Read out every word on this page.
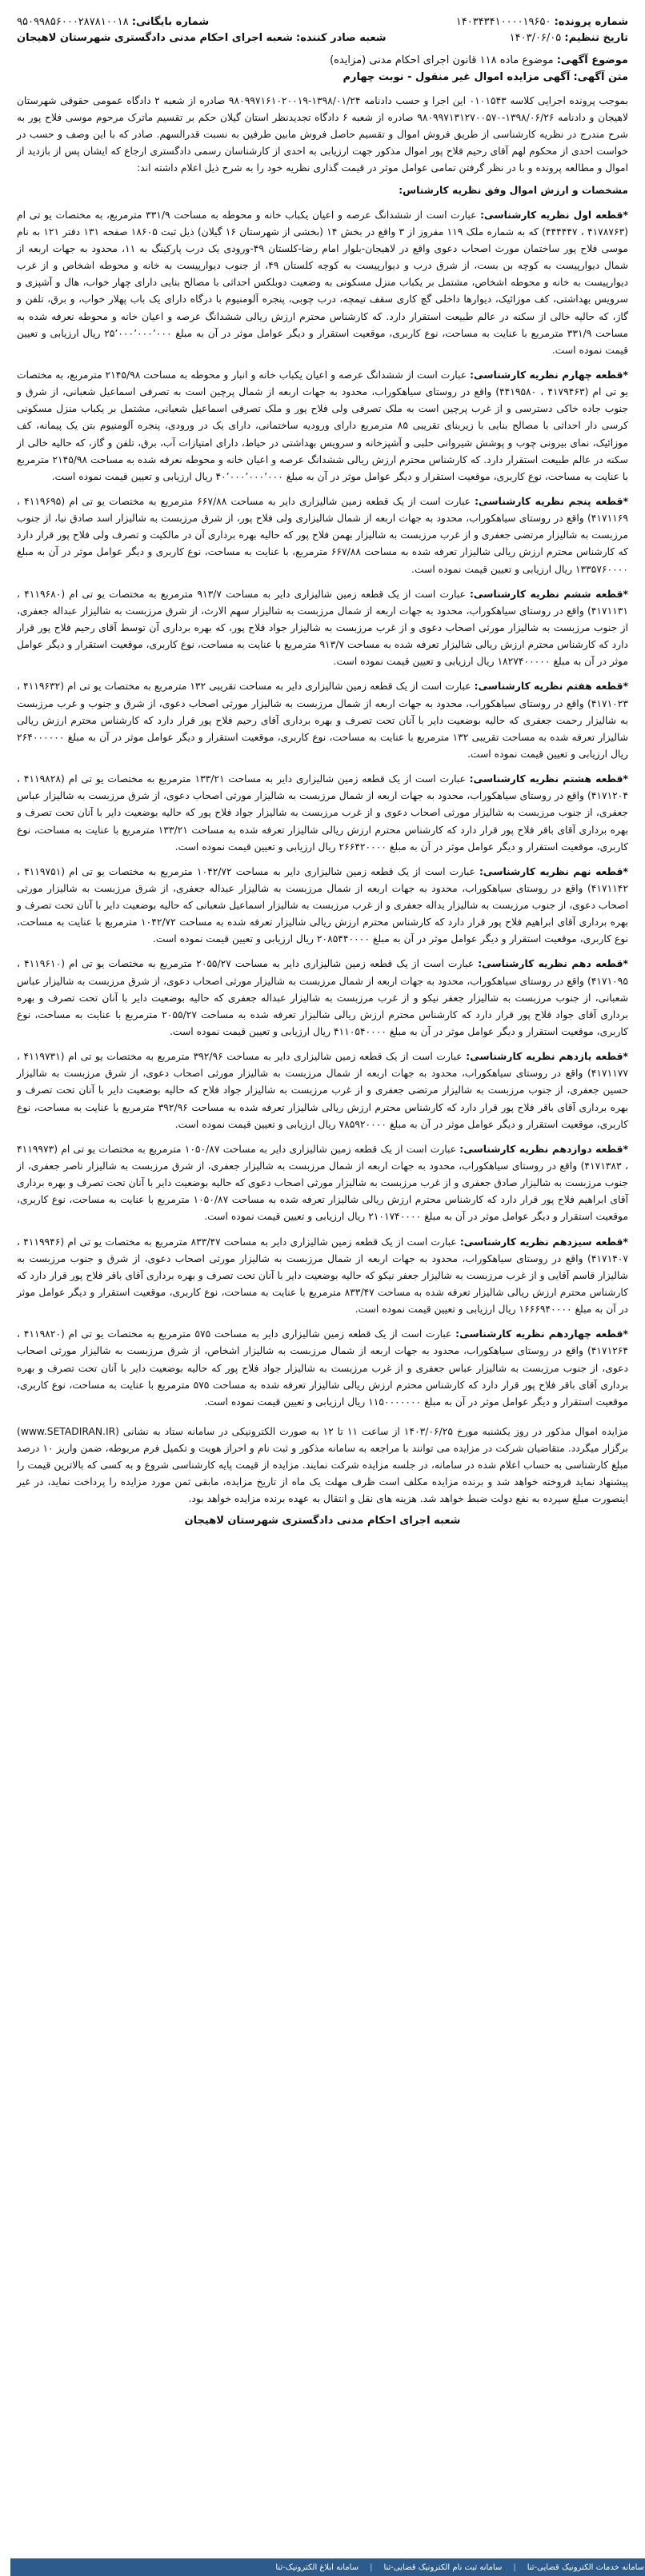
شماره پرونده: ۱۴۰۳۴۳۴۱۰۰۰۰۱۹۶۵۰
شماره بایگانی: ۹۵۰۹۹۸۵۶۰۰۰۲۸۷۸۱۰۰۱۸
تاریخ تنظیم: ۱۴۰۳/۰۶/۰۵
شعبه صادر کننده: شعبه اجرای احکام مدنی دادگستری شهرستان لاهیجان
موضوع آگهی: موضوع ماده ۱۱۸ قانون اجرای احکام مدنی (مزایده)
متن آگهی: آگهی مزایده اموال غیر منقول - نوبت چهارم

بموجب پرونده اجرایی کلاسه ۰۱۰۱۵۴۳ این اجرا و حسب دادنامه ۱۳۹۸/۰۱/۲۴-۹۸۰۹۹۷۱۶۱۰۲۰۰۱۹ صادره از شعبه ۲ دادگاه عمومی حقوقی شهرستان لاهیجان و دادنامه ۱۳۹۸/۰۶/۲۶-۹۸۰۹۹۷۱۳۱۲۷۰۰۵۷۰ صادره از شعبه ۶ دادگاه تجدیدنظر استان گیلان حکم بر تقسیم ماترک مرحوم موسی فلاح پور به شرح مندرج در نظریه کارشناسی از طریق فروش اموال و تقسیم حاصل فروش مابین طرفین به نسبت قدرالسهم. صادر که با این وصف و حسب در خواست احدی از محکوم لهم آقای رحیم فلاح پور اموال مذکور جهت ارزیابی به احدی از کارشناسان رسمی دادگستری ارجاع که ایشان پس از بازدید از اموال و مطالعه پرونده و با در نظر گرفتن تمامی عوامل موثر در قیمت گذاری نظریه خود را به شرح ذیل اعلام داشته اند:

مشخصات و ارزش اموال وفق نظریه کارشناس:

*قطعه اول نظریه کارشناسی: عبارت است از ششدانگ عرصه و اعیان یکباب خانه و محوطه به مساحت ۳۳۱/۹ مترمربع، به مختصات یو تی ام (۴۱۷۸۷۶۳ ، ۴۴۴۴۴۷) که به شماره ملک ۱۱۹ مفروز از ۳ واقع در بخش ۱۴ (بخشی از شهرستان ۱۶ گیلان) ذیل ثبت ۱۸۶۰۵ صفحه ۱۳۱ دفتر ۱۲۱ به نام موسی فلاح پور ساختمان مورث اصحاب دعوی واقع در لاهیجان-بلوار امام رضا-کلستان ۴۹-ورودی یک درب پارکینگ به ۱۱، محدود به جهات اربعه از شمال دیوارپیست به کوچه بن بست، از شرق درب و دیوارپیست به کوچه کلستان ۴۹، از جنوب دیوارپیست به خانه و محوطه اشخاص و از غرب دیوارپیست به خانه و محوطه اشخاص، مشتمل بر یکباب منزل مسکونی به وضعیت دوبلکس احداثی با مصالح بنایی دارای چهار خواب، هال و آشپزی و سرویس بهداشتی، کف موزائیک، دیوارها داخلی گچ کاری سقف تیمچه، درب چوبی، پنجره آلومنیوم با درگاه دارای یک باب پهلار خواب، و برق، تلفن و گاز، که حالیه خالی از سکنه در عالم طبیعت استقرار دارد. که کارشناس محترم ارزش ریالی ششدانگ عرصه و اعیان خانه و محوطه نعرفه شده به مساحت ۳۳۱/۹ مترمربع با عنایت به مساحت، نوع کاربری، موقعیت استقرار و دیگر عوامل موثر در آن به مبلغ ۲۵٬۰۰۰٬۰۰۰٬۰۰۰ ریال ارزیابی و تعیین قیمت نموده است.
*قطعه چهارم نظریه کارشناسی: عبارت است از ششدانگ عرصه و اعیان یکباب خانه و انبار و محوطه به مساحت ۲۱۴۵/۹۸ مترمربع، به مختصات یو تی ام (۴۱۷۹۴۶۳ ، ۴۴۱۹۵۸۰) واقع در روستای سیاهکوراب، محدود به جهات اربعه از شمال پرچین است به تصرفی اسماعیل شعبانی، از شرق و جنوب جاده خاکی دسترسی و از غرب پرچین است به ملک تصرفی ولی فلاح پور و ملک تصرفی اسماعیل شعبانی، مشتمل بر یکباب منزل مسکونی کرسی دار احداثی با مصالح بنایی با زیربنای تقریبی ۸۵ مترمربع دارای ورودیه ساختمانی، دارای یک در ورودی، پنجره آلومنیوم بتن یک پیمانه، کف موزائیک، نمای بیرونی چوب و پوشش شیروانی حلبی و آشپزخانه و سرویس بهداشتی در حیاط، دارای امتیازات آب، برق، تلفن و گاز، که حالیه خالی از سکنه در عالم طبیعت استقرار دارد. که کارشناس محترم ارزش ریالی ششدانگ عرصه و اعیان خانه و محوطه نعرفه شده به مساحت ۲۱۴۵/۹۸ مترمربع با عنایت به مساحت، نوع کاربری، موقعیت استقرار و دیگر عوامل موثر در آن به مبلغ ۴۰٬۰۰۰٬۰۰۰٬۰۰۰ ریال ارزیابی و تعیین قیمت نموده است.
*قطعه پنجم نظریه کارشناسی: عبارت است از یک قطعه زمین شالیزاری دایر به مساحت ۶۶۷/۸۸ مترمربع به مختصات یو تی ام (۴۱۱۹۶۹۵ ، ۴۱۷۱۱۶۹) واقع در روستای سیاهکوراب، محدود به جهات اربعه از شمال شالیزاری ولی فلاح پور، از شرق مرزبست به شالیزار اسد صادق نیا، از جنوب مرزبست به شالیزار مرتضی جعفری و از غرب مرزبست به شالیزار بهمن فلاح پور که حالیه بهره برداری آن در مالکیت و تصرف ولی فلاح پور قرار دارد که کارشناس محترم ارزش ریالی شالیزار تعرفه شده به مساحت ۶۶۷/۸۸ مترمربع، با عنایت به مساحت، نوع کاربری و دیگر عوامل موثر در آن به مبلغ ۱۳۳۵۷۶۰۰۰۰ ریال ارزیابی و تعیین قیمت نموده است.
*قطعه ششم نظریه کارشناسی: عبارت است از یک قطعه زمین شالیزاری دایر به مساحت ۹۱۳/۷ مترمربع به مختصات یو تی ام (۴۱۱۹۶۸۰ ، ۴۱۷۱۱۳۱) واقع در روستای سیاهکوراب، محدود به جهات اربعه از شمال مرزبست به شالیزار سهم الارث، از شرق مرزبست به شالیزار عبداله جعفری، از جنوب مرزبست به شالیزار مورثی اصحاب دعوی و از غرب مرزبست به شالیزار جواد فلاح پور، که بهره برداری آن توسط آقای رحیم فلاح پور قرار دارد که کارشناس محترم ارزش ریالی شالیزار تعرفه شده به مساحت ۹۱۳/۷ مترمربع با عنایت به مساحت، نوع کاربری، موقعیت استقرار و دیگر عوامل موثر در آن به مبلغ ۱۸۲۷۴۰۰۰۰۰ ریال ارزیابی و تعیین قیمت نموده است.
*قطعه هفتم نظریه کارشناسی: عبارت است از یک قطعه زمین شالیزاری دایر به مساحت تقریبی ۱۳۲ مترمربع به مختصات یو تی ام (۴۱۱۹۶۳۲ ، ۴۱۷۱۰۲۳) واقع در روستای سیاهکوراب، محدود به جهات اربعه از شمال مرزبست به شالیزار مورثی اصحاب دعوی، از شرق و جنوب و غرب مرزبست به شالیزار رحمت جعفری که حالیه بوضعیت دایر با آنان تحت تصرف و بهره برداری آقای رحیم فلاح پور قرار دارد که کارشناس محترم ارزش ریالی شالیزار تعرفه شده به مساحت تقریبی ۱۳۲ مترمربع با عنایت به مساحت، نوع کاربری، موقعیت استقرار و دیگر عوامل موثر در آن به مبلغ ۲۶۴۰۰۰۰۰۰ ریال ارزیابی و تعیین قیمت نموده است.
*قطعه هشتم نظریه کارشناسی: عبارت است از یک قطعه زمین شالیزاری دایر به مساحت ۱۳۳/۲۱ مترمربع به مختصات یو تی ام (۴۱۱۹۸۲۸ ، ۴۱۷۱۲۰۴) واقع در روستای سیاهکوراب، محدود به جهات اربعه از شمال مرزبست به شالیزار مورثی اصحاب دعوی، از شرق مرزبست به شالیزار عباس جعفری، از جنوب مرزبست به شالیزار مورثی اصحاب دعوی و از غرب مرزبست به شالیزار جواد فلاح پور که حالیه بوضعیت دایر با آنان تحت تصرف و بهره برداری آقای باقر فلاح پور قرار دارد که کارشناس محترم ارزش ریالی شالیزار تعرفه شده به مساحت ۱۳۳/۲۱ مترمربع با عنایت به مساحت، نوع کاربری، موقعیت استقرار و دیگر عوامل موثر در آن به مبلغ ۲۶۶۴۲۰۰۰۰ ریال ارزیابی و تعیین قیمت نموده است.
*قطعه نهم نظریه کارشناسی: عبارت است از یک قطعه زمین شالیزاری دایر به مساحت ۱۰۴۲/۷۲ مترمربع به مختصات یو تی ام (۴۱۱۹۷۵۱ ، ۴۱۷۱۱۴۲) واقع در روستای سیاهکوراب، محدود به جهات اربعه از شمال مرزبست به شالیزار عبداله جعفری، از شرق مرزبست به شالیزار مورثی اصحاب دعوی، از جنوب مرزبست به شالیزار یداله جعفری و از غرب مرزبست به شالیزار اسماعیل شعبانی که حالیه بوضعیت دایر با آنان تحت تصرف و بهره برداری آقای ابراهیم فلاح پور قرار دارد که کارشناس محترم ارزش ریالی شالیزار تعرفه شده به مساحت ۱۰۴۲/۷۲ مترمربع با عنایت به مساحت، نوع کاربری، موقعیت استقرار و دیگر عوامل موثر در آن به مبلغ ۲۰۸۵۴۴۰۰۰۰ ریال ارزیابی و تعیین قیمت نموده است.
*قطعه دهم نظریه کارشناسی: عبارت است از یک قطعه زمین شالیزاری دایر به مساحت ۲۰۵۵/۲۷ مترمربع به مختصات یو تی ام (۴۱۱۹۶۱۰ ، ۴۱۷۱۰۹۵) واقع در روستای سیاهکوراب، محدود به جهات اربعه از شمال مرزبست به شالیزار مورثی اصحاب دعوی، از شرق مرزبست به شالیزار عباس شعبانی، از جنوب مرزبست به شالیزار جعفر نیکو و از غرب مرزبست به شالیزار عبداله جعفری که حالیه بوضعیت دایر با آنان تحت تصرف و بهره برداری آقای جواد فلاح پور قرار دارد که کارشناس محترم ارزش ریالی شالیزار تعرفه شده به مساحت ۲۰۵۵/۲۷ مترمربع با عنایت به مساحت، نوع کاربری، موقعیت استقرار و دیگر عوامل موثر در آن به مبلغ ۴۱۱۰۵۴۰۰۰۰ ریال ارزیابی و تعیین قیمت نموده است.
*قطعه یازدهم نظریه کارشناسی: عبارت است از یک قطعه زمین شالیزاری دایر به مساحت ۳۹۲/۹۶ مترمربع به مختصات یو تی ام (۴۱۱۹۷۳۱ ، ۴۱۷۱۱۷۷) واقع در روستای سیاهکوراب، محدود به جهات اربعه از شمال مرزبست به شالیزار مورثی اصحاب دعوی، از شرق مرزبست به شالیزار حسین جعفری، از جنوب مرزبست به شالیزار مرتضی جعفری و از غرب مرزبست به شالیزار جواد فلاح که حالیه بوضعیت دایر با آنان تحت تصرف و بهره برداری آقای باقر فلاح پور قرار دارد که کارشناس محترم ارزش ریالی شالیزار تعرفه شده به مساحت ۳۹۲/۹۶ مترمربع با عنایت به مساحت، نوع کاربری، موقعیت استقرار و دیگر عوامل موثر در آن به مبلغ ۷۸۵۹۲۰۰۰۰ ریال ارزیابی و تعیین قیمت نموده است.
*قطعه دوازدهم نظریه کارشناسی: عبارت است از یک قطعه زمین شالیزاری دایر به مساحت ۱۰۵۰/۸۷ مترمربع به مختصات یو تی ام (۴۱۱۹۹۷۳ ، ۴۱۷۱۳۸۳) واقع در روستای سیاهکوراب، محدود به جهات اربعه از شمال مرزبست به شالیزار جعفری، از شرق مرزبست به شالیزار ناصر جعفری، از جنوب مرزبست به شالیزار صادق جعفری و از غرب مرزبست به شالیزار مورثی اصحاب دعوی که حالیه بوضعیت دایر با آنان تحت تصرف و بهره برداری آقای ابراهیم فلاح پور قرار دارد که کارشناس محترم ارزش ریالی شالیزار تعرفه شده به مساحت ۱۰۵۰/۸۷ مترمربع با عنایت به مساحت، نوع کاربری، موقعیت استقرار و دیگر عوامل موثر در آن به مبلغ ۲۱۰۱۷۴۰۰۰۰ ریال ارزیابی و تعیین قیمت نموده است.
*قطعه سیزدهم نظریه کارشناسی: عبارت است از یک قطعه زمین شالیزاری دایر به مساحت ۸۳۳/۴۷ مترمربع به مختصات یو تی ام (۴۱۱۹۹۴۶ ، ۴۱۷۱۴۰۷) واقع در روستای سیاهکوراب، محدود به جهات اربعه از شمال مرزبست به شالیزار مورثی اصحاب دعوی، از شرق و جنوب مرزبست به شالیزار قاسم آقایی و از غرب مرزبست به شالیزار جعفر نیکو که حالیه بوضعیت دایر با آنان تحت تصرف و بهره برداری آقای باقر فلاح پور قرار دارد که کارشناس محترم ارزش ریالی شالیزار تعرفه شده به مساحت ۸۳۳/۴۷ مترمربع با عنایت به مساحت، نوع کاربری، موقعیت استقرار و دیگر عوامل موثر در آن به مبلغ ۱۶۶۶۹۴۰۰۰۰ ریال ارزیابی و تعیین قیمت نموده است.
*قطعه چهاردهم نظریه کارشناسی: عبارت است از یک قطعه زمین شالیزاری دایر به مساحت ۵۷۵ مترمربع به مختصات یو تی ام (۴۱۱۹۸۲۰ ، ۴۱۷۱۲۶۴) واقع در روستای سیاهکوراب، محدود به جهات اربعه از شمال مرزبست به شالیزار اشخاص، از شرق مرزبست به شالیزار مورثی اصحاب دعوی، از جنوب مرزبست به شالیزار عباس جعفری و از غرب مرزبست به شالیزار جواد فلاح پور که حالیه بوضعیت دایر با آنان تحت تصرف و بهره برداری آقای باقر فلاح پور قرار دارد که کارشناس محترم ارزش ریالی شالیزار تعرفه شده به مساحت ۵۷۵ مترمربع با عنایت به مساحت، نوع کاربری، موقعیت استقرار و دیگر عوامل موثر در آن به مبلغ ۱۱۵۰۰۰۰۰۰۰ ریال ارزیابی و تعیین قیمت نموده است.
مزایده اموال مذکور در روز یکشنبه مورخ ۱۴۰۳/۰۶/۲۵ از ساعت ۱۱ تا ۱۲ به صورت الکترونیکی در سامانه ستاد به نشانی (www.SETADIRAN.IR) برگزار میگردد. متقاضیان شرکت در مزایده می توانند با مراجعه به سامانه مذکور و ثبت نام و احراز هویت و تکمیل فرم مربوطه، ضمن واریز ۱۰ درصد مبلغ کارشناسی به حساب اعلام شده در سامانه، در جلسه مزایده شرکت نمایند. مزایده از قیمت پایه کارشناسی شروع و به کسی که بالاترین قیمت را پیشنهاد نماید فروخته خواهد شد و برنده مزایده مکلف است ظرف مهلت یک ماه از تاریخ مزایده، مابقی ثمن مورد مزایده را پرداخت نماید، در غیر اینصورت مبلغ سپرده به نفع دولت ضبط خواهد شد. هزینه های نقل و انتقال به عهده برنده مزایده خواهد بود.
شعبه اجرای احکام مدنی دادگستری شهرستان لاهیجان
سامانه خدمات الکترونیک قضایی-ثنا
|
سامانه ثبت نام الکترونیک قضایی-ثنا
|
سامانه ابلاغ الکترونیک-ثنا
